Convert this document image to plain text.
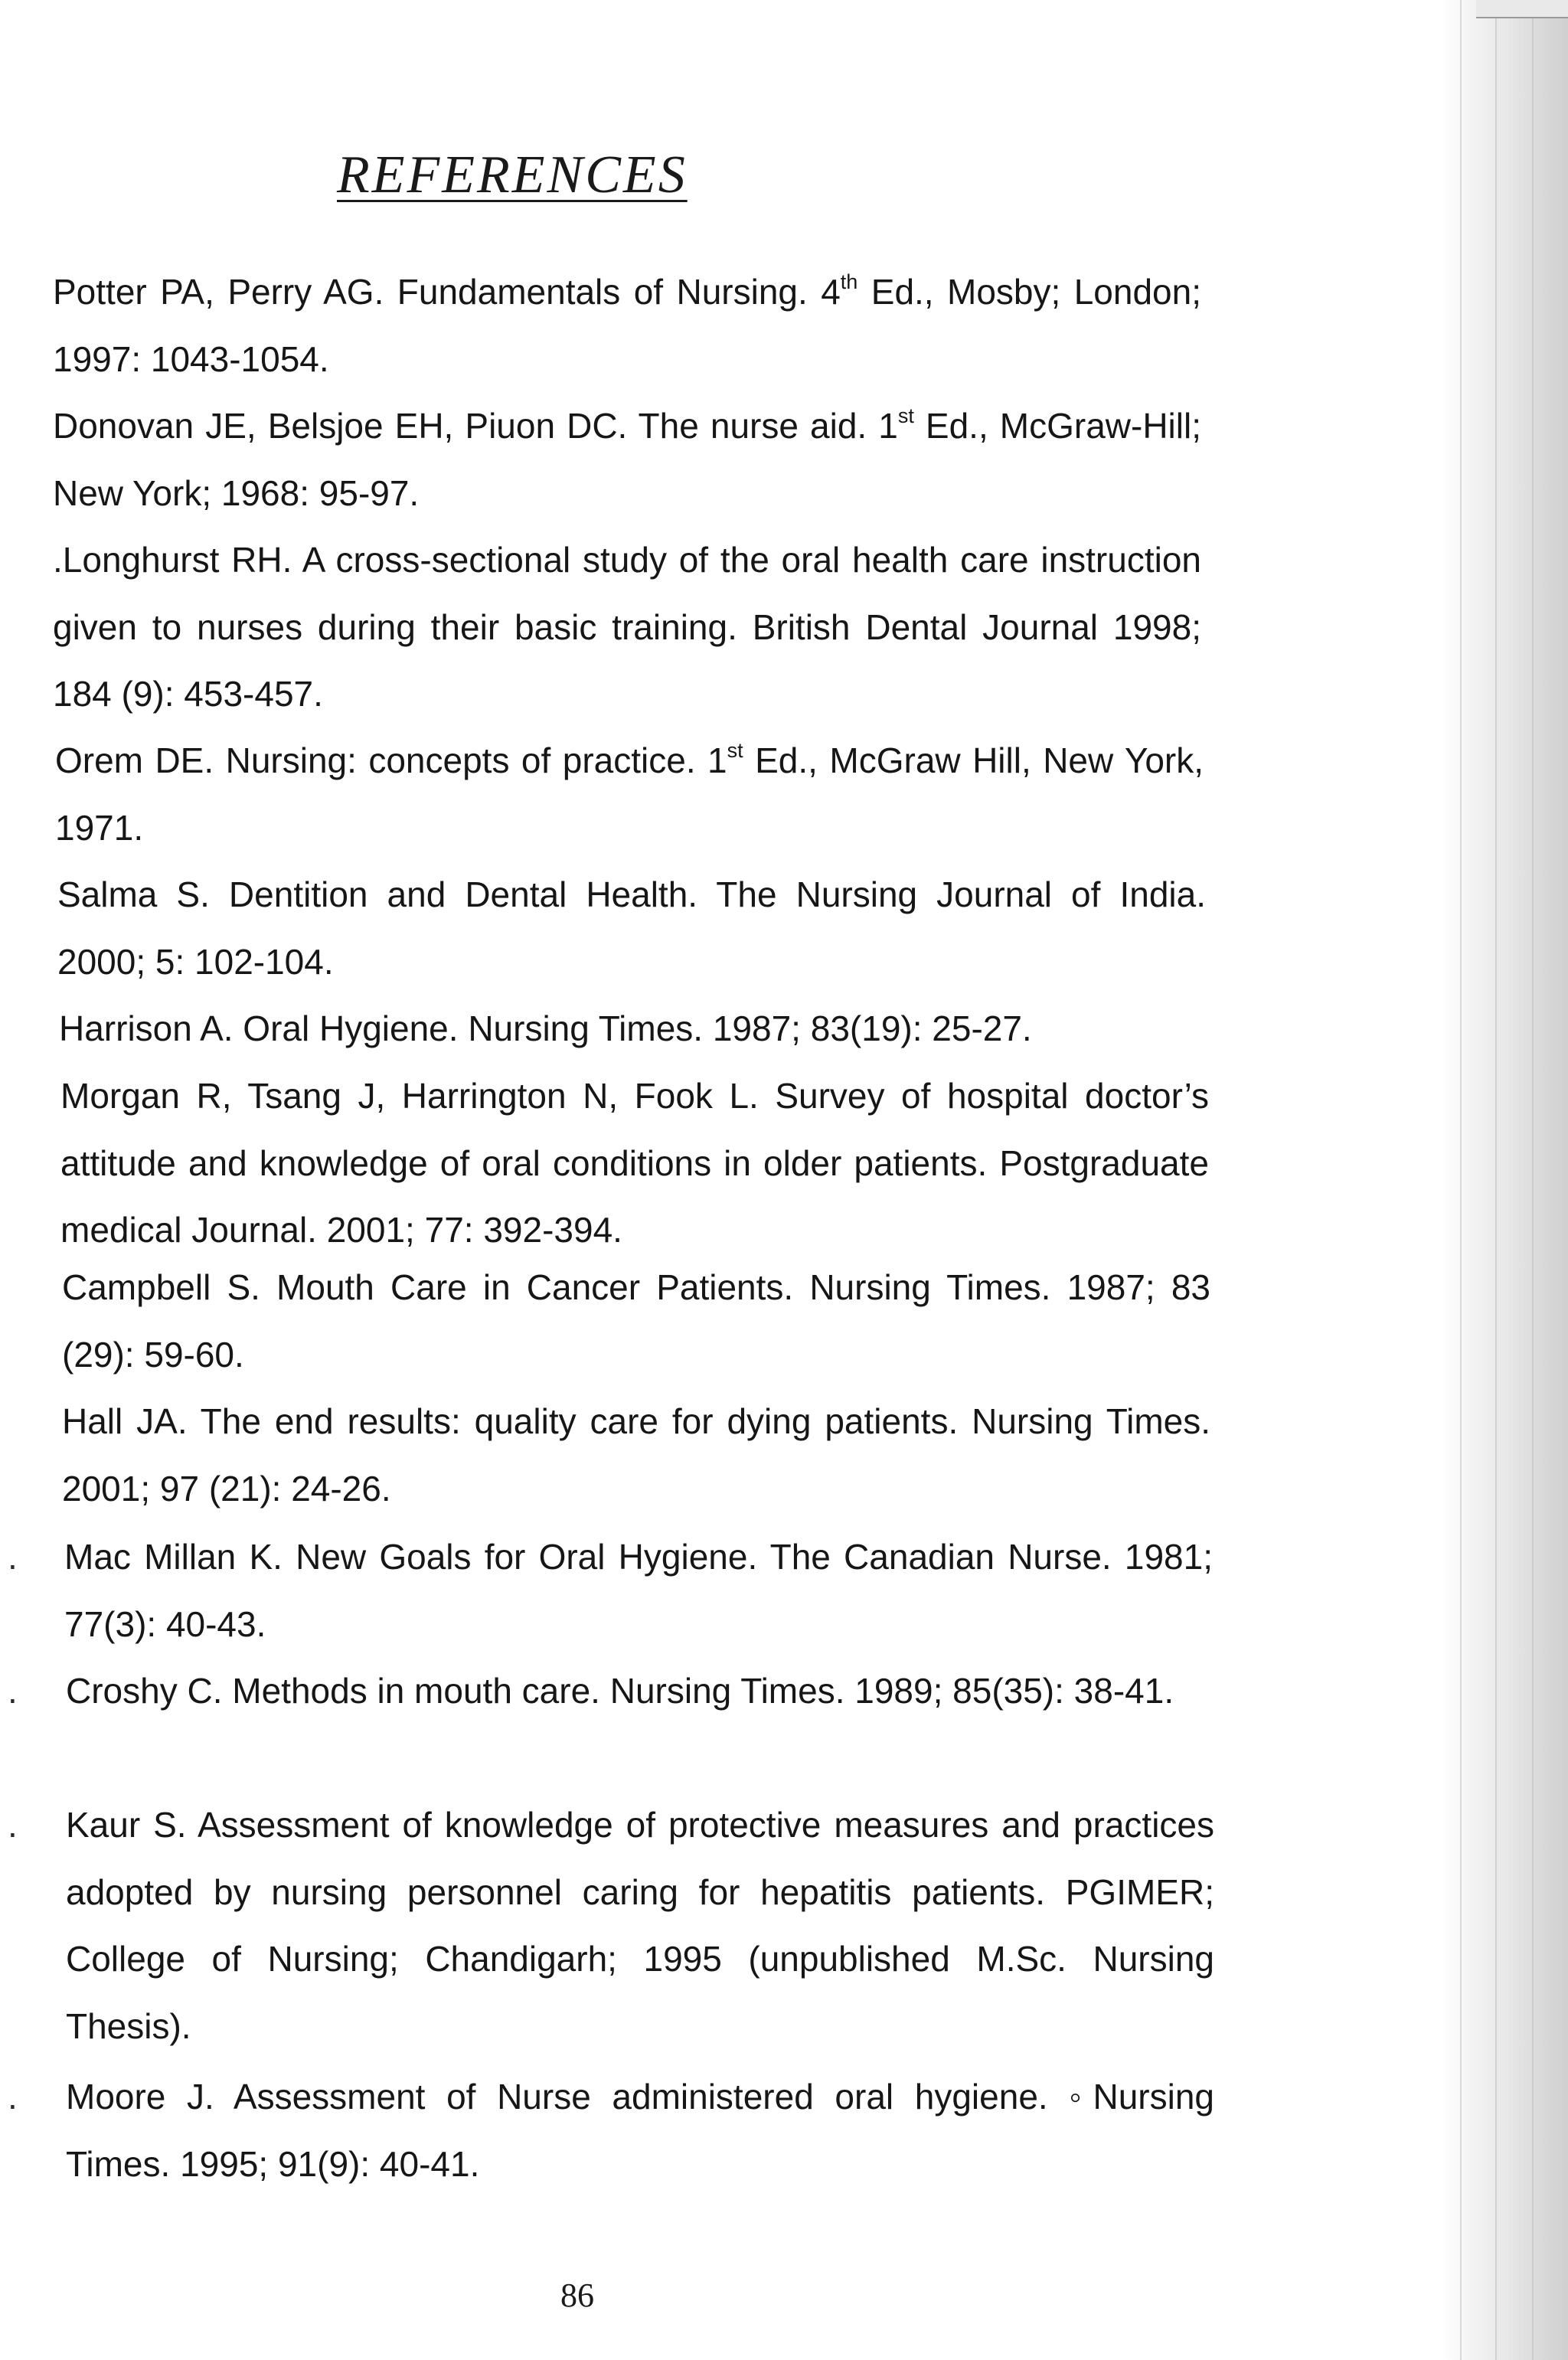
REFERENCES

Potter PA, Perry AG. Fundamentals of Nursing. 4th Ed., Mosby; London; 1997: 1043-1054.

Donovan JE, Belsjoe EH, Piuon DC. The nurse aid. 1st Ed., McGraw-Hill; New York; 1968: 95-97.

.Longhurst RH. A cross-sectional study of the oral health care instruction given to nurses during their basic training. British Dental Journal 1998; 184 (9): 453-457.

Orem DE. Nursing: concepts of practice. 1st Ed., McGraw Hill, New York, 1971.

Salma S. Dentition and Dental Health. The Nursing Journal of India. 2000; 5: 102-104.

Harrison A. Oral Hygiene. Nursing Times. 1987; 83(19): 25-27.

Morgan R, Tsang J, Harrington N, Fook L. Survey of hospital doctor’s attitude and knowledge of oral conditions in older patients. Postgraduate medical Journal. 2001; 77: 392-394.

Campbell S. Mouth Care in Cancer Patients. Nursing Times. 1987; 83 (29): 59-60.

Hall JA. The end results: quality care for dying patients. Nursing Times. 2001; 97 (21): 24-26.

Mac Millan K. New Goals for Oral Hygiene. The Canadian Nurse. 1981; 77(3): 40-43.

Croshy C. Methods in mouth care. Nursing Times. 1989; 85(35): 38-41.

Kaur S. Assessment of knowledge of protective measures and practices adopted by nursing personnel caring for hepatitis patients. PGIMER; College of Nursing; Chandigarh; 1995 (unpublished M.Sc. Nursing Thesis).

Moore J. Assessment of Nurse administered oral hygiene. ◦Nursing Times. 1995; 91(9): 40-41.

.
.
.
.

86
